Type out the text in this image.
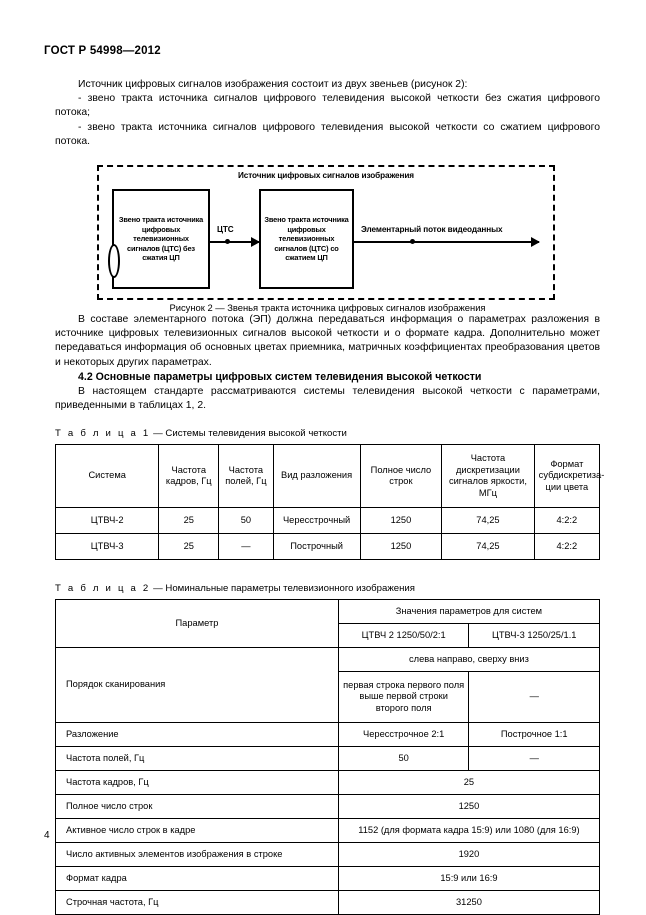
ГОСТ Р 54998—2012

Источник цифровых сигналов изображения состоит из двух звеньев (рисунок 2):

- звено тракта источника сигналов цифрового телевидения высокой четкости без сжатия цифрового потока;

- звено тракта источника сигналов цифрового телевидения высокой четкости со сжатием цифрового потока.

Источник цифровых сигналов изображения
Звено тракта источника цифровых телевизионных сигналов (ЦТС) без сжатия ЦП
ЦТС
Звено тракта источника цифровых телевизионных сигналов (ЦТС) со сжатием ЦП
Элементарный поток видеоданных
Рисунок 2 — Звенья тракта источника цифровых сигналов изображения

В составе элементарного потока (ЭП) должна передаваться информация о параметрах разложения в источнике цифровых телевизионных сигналов высокой четкости и о формате кадра. Дополнительно может передаваться информация об основных цветах приемника, матричных коэффициентах преобразования цветов и некоторых других параметрах.

4.2 Основные параметры цифровых систем телевидения высокой четкости

В настоящем стандарте рассматриваются системы телевидения высокой четкости с параметрами, приведенными в таблицах 1, 2.

Т а б л и ц а 1 — Системы телевидения высокой четкости

Система	Частота кадров, Гц	Частота полей, Гц	Вид разложения	Полное число строк	Частота дискретизации сигналов яркости, МГц	Формат субдискретиза-ции цвета
ЦТВЧ-2	25	50	Чересстрочный	1250	74,25	4:2:2
ЦТВЧ-3	25	—	Построчный	1250	74,25	4:2:2

Т а б л и ц а 2 — Номинальные параметры телевизионного изображения

Параметр	Значения параметров для систем	
	ЦТВЧ 2 1250/50/2:1	ЦТВЧ-3 1250/25/1.1
Порядок сканирования	слева направо, сверху вниз	
	первая строка первого поля выше первой строки второго поля	—
Разложение	Чересстрочное 2:1	Построчное 1:1
Частота полей, Гц	50	—
Частота кадров, Гц	25	
Полное число строк	1250	
Активное число строк в кадре	1152 (для формата кадра 15:9) или 1080 (для 16:9)	
Число активных элементов изображения в строке	1920	
Формат кадра	15:9 или 16:9	
Строчная частота, Гц	31250	
4
